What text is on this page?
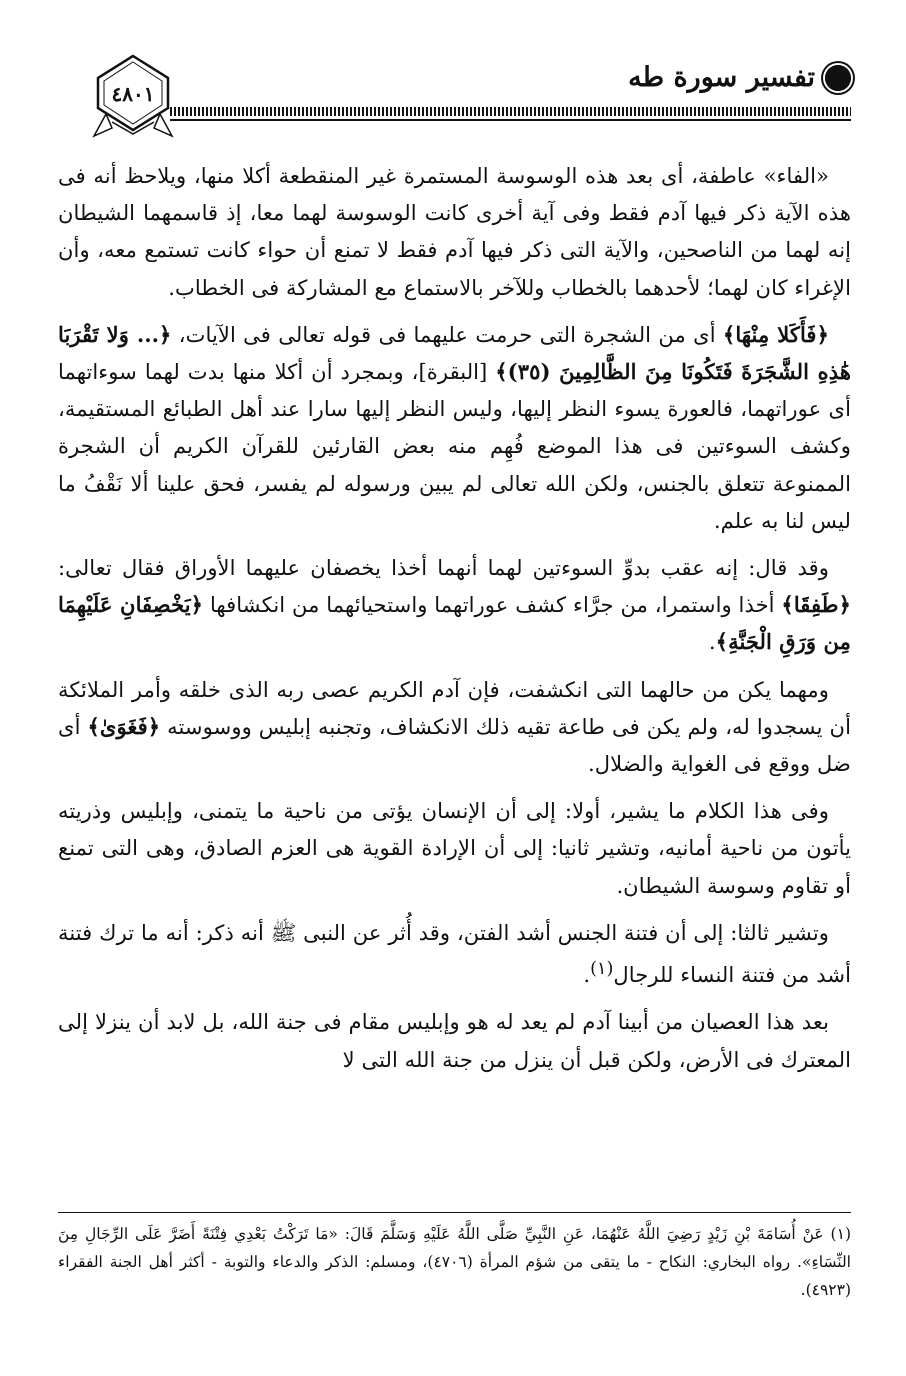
٤٨٠١
تفسير سورة طه

«الفاء» عاطفة، أى بعد هذه الوسوسة المستمرة غير المنقطعة أكلا منها، ويلاحظ أنه فى هذه الآية ذكر فيها آدم فقط وفى آية أخرى كانت الوسوسة لهما معا، إذ قاسمهما الشيطان إنه لهما من الناصحين، والآية التى ذكر فيها آدم فقط لا تمنع أن حواء كانت تستمع معه، وأن الإغراء كان لهما؛ لأحدهما بالخطاب وللآخر بالاستماع مع المشاركة فى الخطاب.

﴿فَأَكَلا مِنْهَا﴾ أى من الشجرة التى حرمت عليهما فى قوله تعالى فى الآيات، ﴿... وَلا تَقْرَبَا هَٰذِهِ الشَّجَرَةَ فَتَكُونَا مِنَ الظَّالِمِينَ (٣٥)﴾ [البقرة]، وبمجرد أن أكلا منها بدت لهما سوءاتهما أى عوراتهما، فالعورة يسوء النظر إليها، وليس النظر إليها سارا عند أهل الطبائع المستقيمة، وكشف السوءتين فى هذا الموضع فُهِم منه بعض القارئين للقرآن الكريم أن الشجرة الممنوعة تتعلق بالجنس، ولكن الله تعالى لم يبين ورسوله لم يفسر، فحق علينا ألا نَقْفُ ما ليس لنا به علم.

وقد قال: إنه عقب بدوِّ السوءتين لهما أنهما أخذا يخصفان عليهما الأوراق فقال تعالى: ﴿طَفِقَا﴾ أخذا واستمرا، من جرَّاء كشف عوراتهما واستحيائهما من انكشافها ﴿يَخْصِفَانِ عَلَيْهِمَا مِن وَرَقِ الْجَنَّةِ﴾.

ومهما يكن من حالهما التى انكشفت، فإن آدم الكريم عصى ربه الذى خلقه وأمر الملائكة أن يسجدوا له، ولم يكن فى طاعة تقيه ذلك الانكشاف، وتجنبه إبليس ووسوسته ﴿فَغَوَىٰ﴾ أى ضل ووقع فى الغواية والضلال.

وفى هذا الكلام ما يشير، أولا: إلى أن الإنسان يؤتى من ناحية ما يتمنى، وإبليس وذريته يأتون من ناحية أمانيه، وتشير ثانيا: إلى أن الإرادة القوية هى العزم الصادق، وهى التى تمنع أو تقاوم وسوسة الشيطان.

وتشير ثالثا: إلى أن فتنة الجنس أشد الفتن، وقد أُثر عن النبى ﷺ أنه ذكر: أنه ما ترك فتنة أشد من فتنة النساء للرجال$^{(١)}$.

بعد هذا العصيان من أبينا آدم لم يعد له هو وإبليس مقام فى جنة الله، بل لابد أن ينزلا إلى المعترك فى الأرض، ولكن قبل أن ينزل من جنة الله التى لا

(١) عَنْ أُسَامَةَ بْنِ زَيْدٍ رَضِيَ اللَّهُ عَنْهُمَا، عَنِ النَّبِيِّ صَلَّى اللَّهُ عَلَيْهِ وَسَلَّمَ قَالَ: «مَا تَرَكْتُ بَعْدِي فِتْنَةً أَضَرَّ عَلَى الرِّجَالِ مِنَ النِّسَاءِ». رواه البخاري: النكاح - ما يتقى من شؤم المرأة (٤٧٠٦)، ومسلم: الذكر والدعاء والتوبة - أكثر أهل الجنة الفقراء (٤٩٢٣).
